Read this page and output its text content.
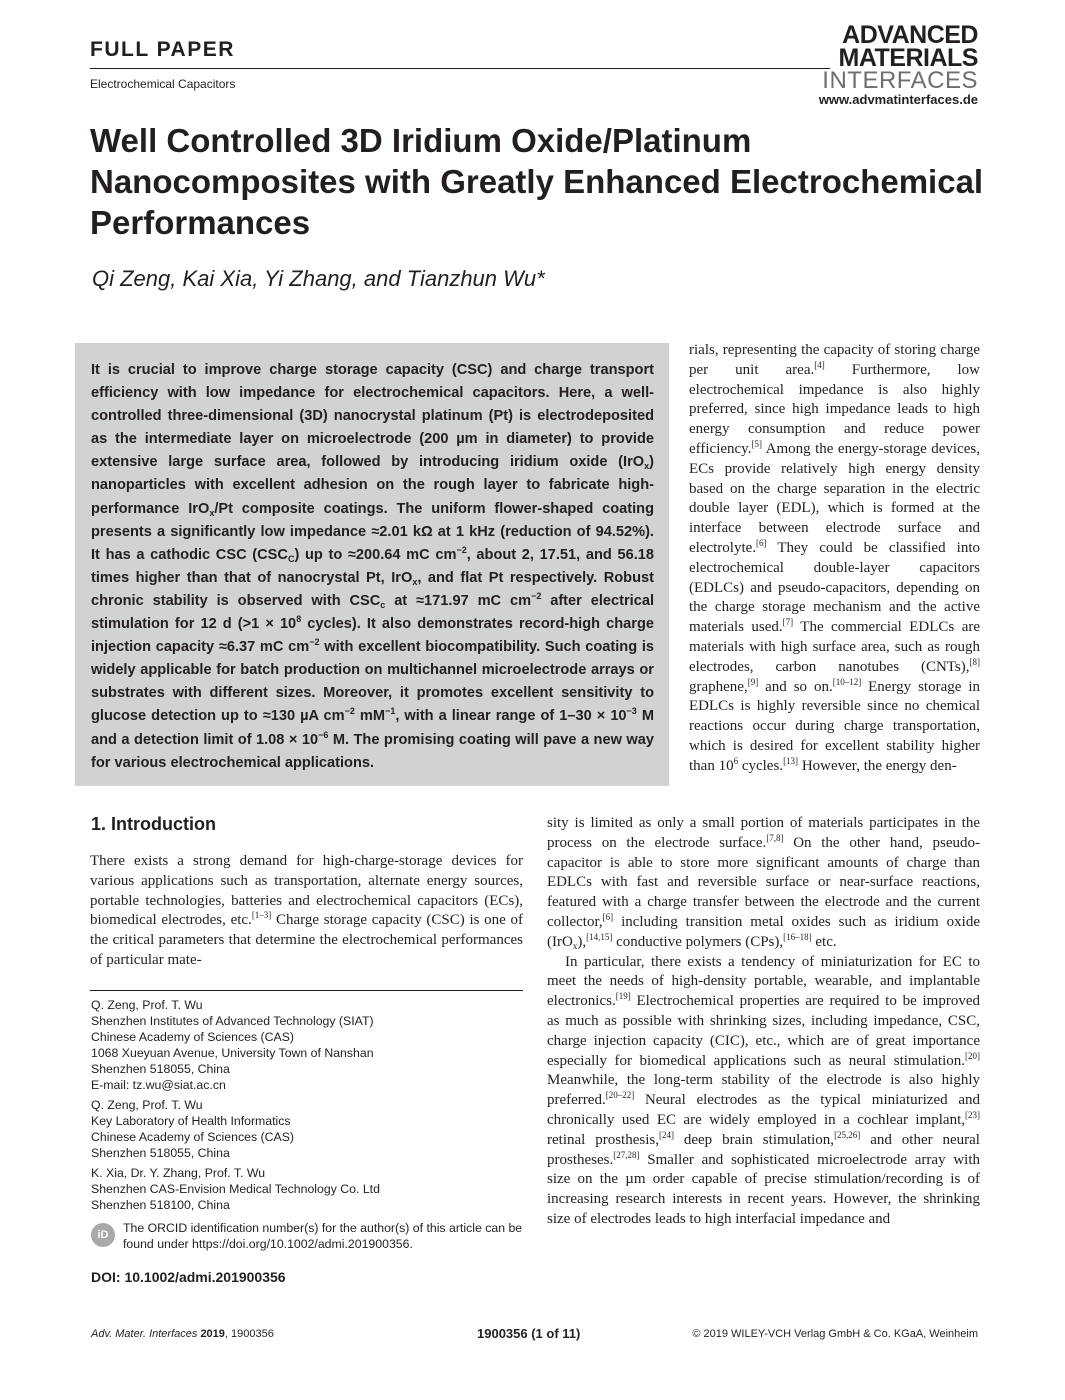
FULL PAPER
Electrochemical Capacitors
ADVANCED
MATERIALS
INTERFACES
www.advmatinterfaces.de
Well Controlled 3D Iridium Oxide/Platinum Nanocomposites with Greatly Enhanced Electrochemical Performances
Qi Zeng, Kai Xia, Yi Zhang, and Tianzhun Wu*
It is crucial to improve charge storage capacity (CSC) and charge transport efficiency with low impedance for electrochemical capacitors. Here, a well-controlled three-dimensional (3D) nanocrystal platinum (Pt) is electrodeposited as the intermediate layer on microelectrode (200 µm in diameter) to provide extensive large surface area, followed by introducing iridium oxide (IrO$_x$) nanoparticles with excellent adhesion on the rough layer to fabricate high-performance IrO$_x$/Pt composite coatings. The uniform flower-shaped coating presents a significantly low impedance ≈2.01 kΩ at 1 kHz (reduction of 94.52%). It has a cathodic CSC $(CSC_C)$ up to ≈200.64 mC $cm^{-2}$, about 2, 17.51, and 56.18 times higher than that of nanocrystal Pt, IrO$_x$, and flat Pt respectively. Robust chronic stability is observed with $CSC_c$ at ≈171.97 mC $cm^{-2}$ after electrical stimulation for 12 d ($>1 \times 10^8$ cycles). It also demonstrates record-high charge injection capacity ≈6.37 mC $cm^{-2}$ with excellent biocompatibility. Such coating is widely applicable for batch production on multichannel microelectrode arrays or substrates with different sizes. Moreover, it promotes excellent sensitivity to glucose detection up to ≈130 µA $cm^{-2}$ $mM^{-1}$, with a linear range of $1-30 \times 10^{-3}$ M and a detection limit of $1.08 \times 10^{-6}$ M. The promising coating will pave a new way for various electrochemical applications.
rials, representing the capacity of storing charge per unit area.[4] Furthermore, low electrochemical impedance is also highly preferred, since high impedance leads to high energy consumption and reduce power efficiency.[5] Among the energy-storage devices, ECs provide relatively high energy density based on the charge separation in the electric double layer (EDL), which is formed at the interface between electrode surface and electrolyte.[6] They could be classified into electrochemical double-layer capacitors (EDLCs) and pseudo-capacitors, depending on the charge storage mechanism and the active materials used.[7] The commercial EDLCs are materials with high surface area, such as rough electrodes, carbon nanotubes (CNTs),[8] graphene,[9] and so on.[10–12] Energy storage in EDLCs is highly reversible since no chemical reactions occur during charge transportation, which is desired for excellent stability higher than $10^6$ cycles.[13] However, the energy den-
1. Introduction
There exists a strong demand for high-charge-storage devices for various applications such as transportation, alternate energy sources, portable technologies, batteries and electrochemical capacitors (ECs), biomedical electrodes, etc.[1–3] Charge storage capacity (CSC) is one of the critical parameters that determine the electrochemical performances of particular mate-

sity is limited as only a small portion of materials participates in the process on the electrode surface.[7,8] On the other hand, pseudo-capacitor is able to store more significant amounts of charge than EDLCs with fast and reversible surface or near-surface reactions, featured with a charge transfer between the electrode and the current collector,[6] including transition metal oxides such as iridium oxide (IrO$_x$),[14,15] conductive polymers (CPs),[16–18] etc.

In particular, there exists a tendency of miniaturization for EC to meet the needs of high-density portable, wearable, and implantable electronics.[19] Electrochemical properties are required to be improved as much as possible with shrinking sizes, including impedance, CSC, charge injection capacity (CIC), etc., which are of great importance especially for biomedical applications such as neural stimulation.[20] Meanwhile, the long-term stability of the electrode is also highly preferred.[20–22] Neural electrodes as the typical miniaturized and chronically used EC are widely employed in a cochlear implant,[23] retinal prosthesis,[24] deep brain stimulation,[25,26] and other neural prostheses.[27,28] Smaller and sophisticated microelectrode array with size on the µm order capable of precise stimulation/recording is of increasing research interests in recent years. However, the shrinking size of electrodes leads to high interfacial impedance and

Q. Zeng, Prof. T. Wu
Shenzhen Institutes of Advanced Technology (SIAT)
Chinese Academy of Sciences (CAS)
1068 Xueyuan Avenue, University Town of Nanshan
Shenzhen 518055, China
E-mail: tz.wu@siat.ac.cn
Q. Zeng, Prof. T. Wu
Key Laboratory of Health Informatics
Chinese Academy of Sciences (CAS)
Shenzhen 518055, China
K. Xia, Dr. Y. Zhang, Prof. T. Wu
Shenzhen CAS-Envision Medical Technology Co. Ltd
Shenzhen 518100, China
iD	The ORCID identification number(s) for the author(s) of this article can be found under https://doi.org/10.1002/admi.201900356.
DOI: 10.1002/admi.201900356
Adv. Mater. Interfaces 2019, 1900356	1900356 (1 of 11)	© 2019 WILEY-VCH Verlag GmbH & Co. KGaA, Weinheim
